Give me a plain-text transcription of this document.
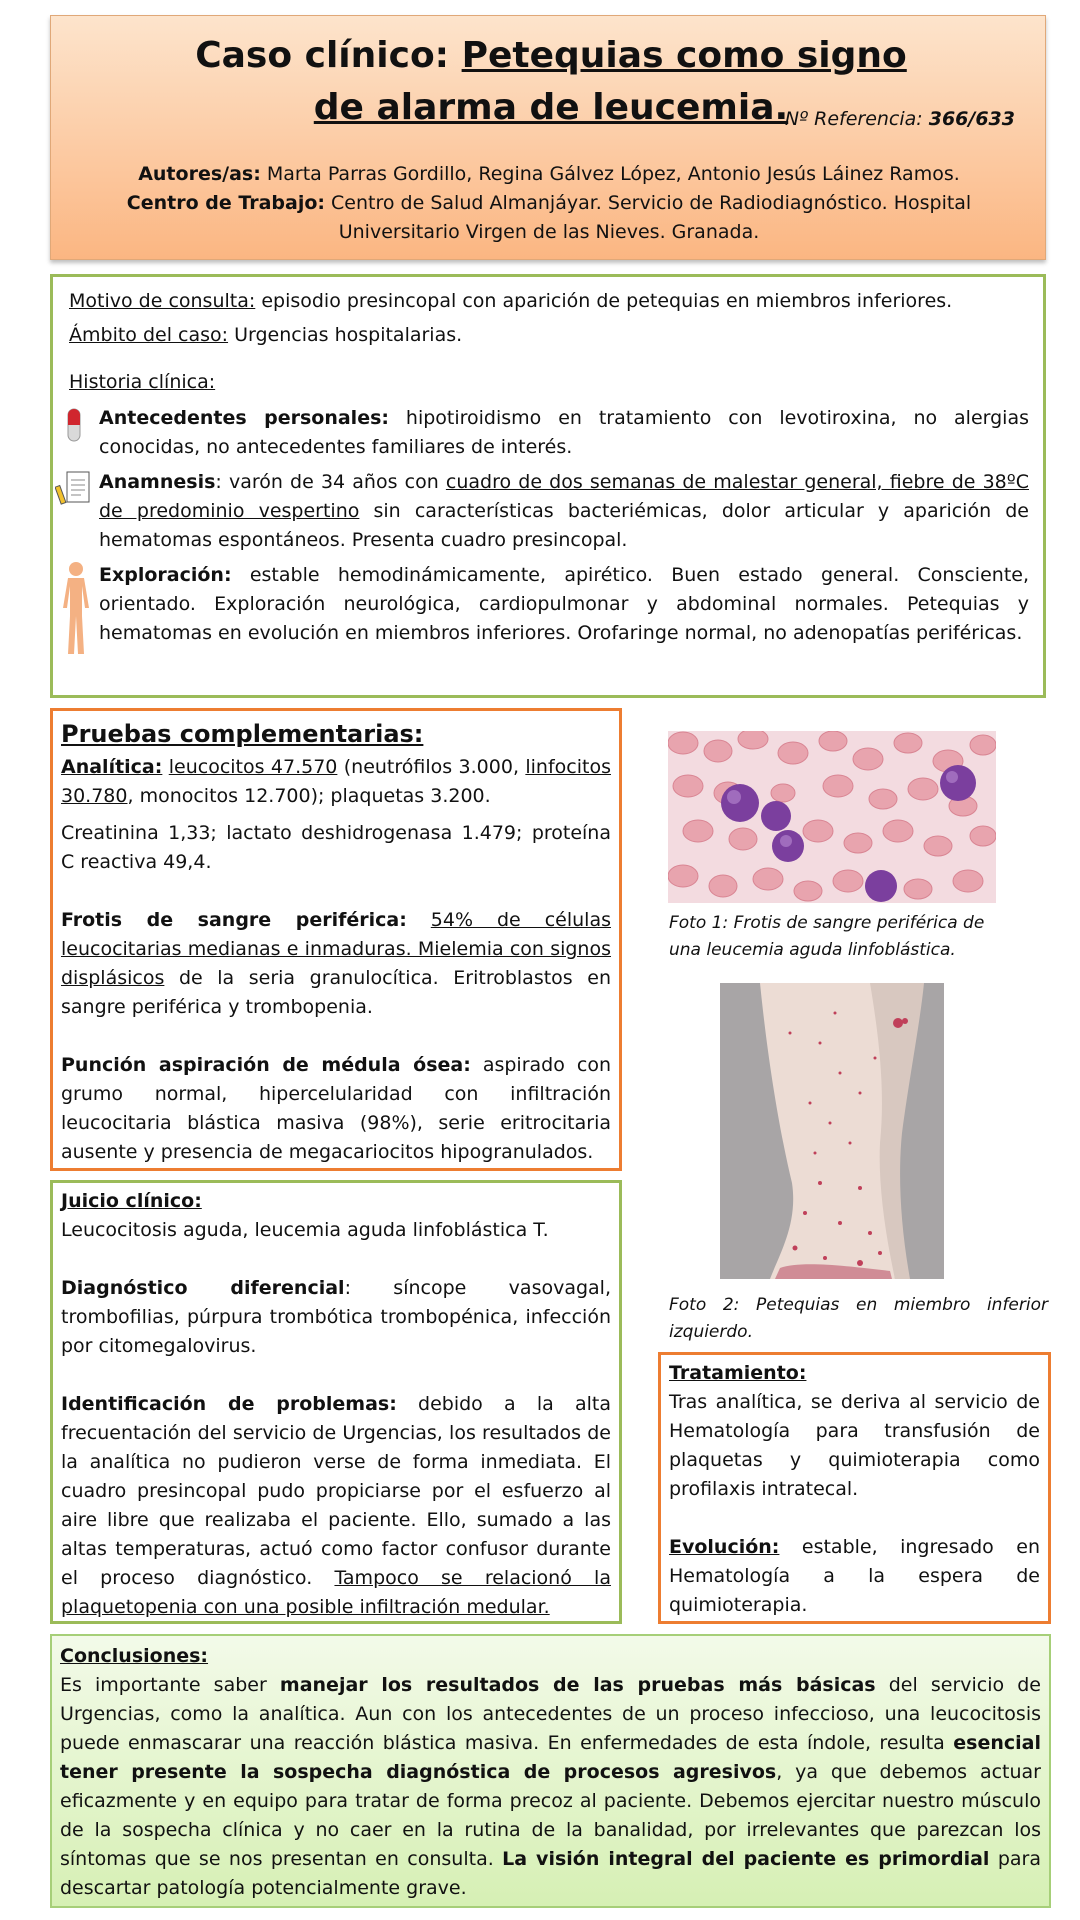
Caso clínico: Petequias como signo de alarma de leucemia.
Nº Referencia: 366/633

Autores/as: Marta Parras Gordillo, Regina Gálvez López, Antonio Jesús Láinez Ramos.

Centro de Trabajo: Centro de Salud Almanjáyar. Servicio de Radiodiagnóstico. Hospital Universitario Virgen de las Nieves. Granada.

Motivo de consulta: episodio presincopal con aparición de petequias en miembros inferiores.

Ámbito del caso: Urgencias hospitalarias.

Historia clínica:

Antecedentes personales: hipotiroidismo en tratamiento con levotiroxina, no alergias conocidas, no antecedentes familiares de interés.
Anamnesis: varón de 34 años con cuadro de dos semanas de malestar general, fiebre de 38ºC de predominio vespertino sin características bacteriémicas, dolor articular y aparición de hematomas espontáneos. Presenta cuadro presincopal.
Exploración: estable hemodinámicamente, apirético. Buen estado general. Consciente, orientado. Exploración neurológica, cardiopulmonar y abdominal normales. Petequias y hematomas en evolución en miembros inferiores. Orofaringe normal, no adenopatías periféricas.

Pruebas complementarias:

Analítica: leucocitos 47.570 (neutrófilos 3.000, linfocitos 30.780, monocitos 12.700); plaquetas 3.200.

Creatinina 1,33; lactato deshidrogenasa 1.479; proteína C reactiva 49,4.

Frotis de sangre periférica: 54% de células leucocitarias medianas e inmaduras. Mielemia con signos displásicos de la seria granulocítica. Eritroblastos en sangre periférica y trombopenia.

Punción aspiración de médula ósea: aspirado con grumo normal, hipercelularidad con infiltración leucocitaria blástica masiva (98%), serie eritrocitaria ausente y presencia de megacariocitos hipogranulados.

Juicio clínico:

Leucocitosis aguda, leucemia aguda linfoblástica T.

Diagnóstico diferencial: síncope vasovagal, trombofilias, púrpura trombótica trombopénica, infección por citomegalovirus.

Identificación de problemas: debido a la alta frecuentación del servicio de Urgencias, los resultados de la analítica no pudieron verse de forma inmediata. El cuadro presincopal pudo propiciarse por el esfuerzo al aire libre que realizaba el paciente. Ello, sumado a las altas temperaturas, actuó como factor confusor durante el proceso diagnóstico. Tampoco se relacionó la plaquetopenia con una posible infiltración medular.

Foto 1: Frotis de sangre periférica de una leucemia aguda linfoblástica.
Foto 2: Petequias en miembro inferior izquierdo.

Tratamiento:

Tras analítica, se deriva al servicio de Hematología para transfusión de plaquetas y quimioterapia como profilaxis intratecal.

Evolución: estable, ingresado en Hematología a la espera de quimioterapia.

Conclusiones:

Es importante saber manejar los resultados de las pruebas más básicas del servicio de Urgencias, como la analítica. Aun con los antecedentes de un proceso infeccioso, una leucocitosis puede enmascarar una reacción blástica masiva. En enfermedades de esta índole, resulta esencial tener presente la sospecha diagnóstica de procesos agresivos, ya que debemos actuar eficazmente y en equipo para tratar de forma precoz al paciente. Debemos ejercitar nuestro músculo de la sospecha clínica y no caer en la rutina de la banalidad, por irrelevantes que parezcan los síntomas que se nos presentan en consulta. La visión integral del paciente es primordial para descartar patología potencialmente grave.
